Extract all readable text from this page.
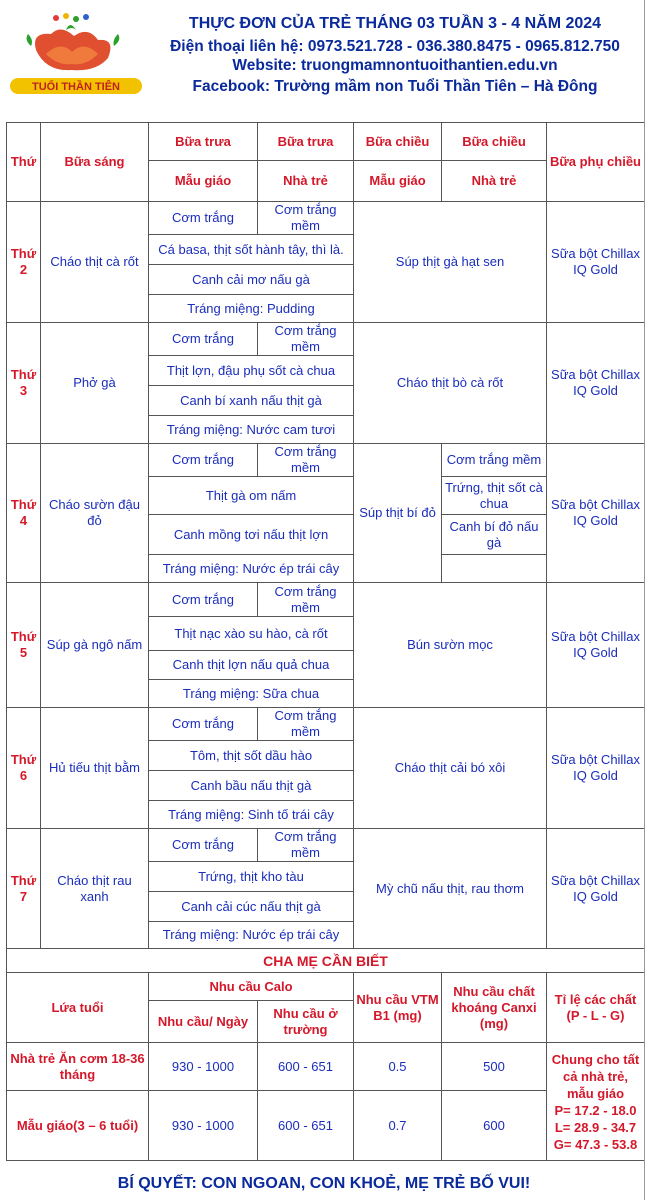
TUỔI THẦN TIÊN
THỰC ĐƠN CỦA TRẺ THÁNG 03 TUẦN 3 - 4 NĂM 2024
Điện thoại liên hệ: 0973.521.728 - 036.380.8475 - 0965.812.750
Website: truongmamnontuoithantien.edu.vn
Facebook: Trường mầm non Tuổi Thần Tiên – Hà Đông
Thứ	Bữa sáng	Bữa trưa	Bữa trưa	Bữa chiều	Bữa chiều	Bữa phụ chiều
		Mẫu giáo	Nhà trẻ	Mẫu giáo	Nhà trẻ	
Thứ 2	Cháo thịt cà rốt	Cơm trắng	Cơm trắng mềm	Súp thịt gà hạt sen		Sữa bột Chillax IQ Gold
		Cá basa, thịt sốt hành tây, thì là.				
		Canh cải mơ nấu gà				
		Tráng miệng: Pudding				
Thứ 3	Phở gà	Cơm trắng	Cơm trắng mềm	Cháo thịt bò cà rốt		Sữa bột Chillax IQ Gold
		Thịt lợn, đậu phụ sốt cà chua				
		Canh bí xanh nấu thịt gà				
		Tráng miệng: Nước cam tươi				
Thứ 4	Cháo sườn đậu đỏ	Cơm trắng	Cơm trắng mềm	Súp thịt bí đỏ	Cơm trắng mềm	Sữa bột Chillax IQ Gold
		Thịt gà om nấm			Trứng, thịt sốt cà chua	

		Canh mồng tơi nấu thịt lợn			Canh bí đỏ nấu gà	
		Tráng miệng: Nước ép trái cây				
Thứ 5	Súp gà ngô nấm	Cơm trắng	Cơm trắng mềm	Bún sườn mọc		Sữa bột Chillax IQ Gold
		Thịt nạc xào su hào, cà rốt				
		Canh thịt lợn nấu quả chua				
		Tráng miệng: Sữa chua				
Thứ 6	Hủ tiếu thịt bằm	Cơm trắng	Cơm trắng mềm	Cháo thịt cải bó xôi		Sữa bột Chillax IQ Gold
		Tôm, thịt sốt dầu hào				
		Canh bầu nấu thịt gà				
		Tráng miệng: Sinh tố trái cây				
Thứ 7	Cháo thịt rau xanh	Cơm trắng	Cơm trắng mềm	Mỳ chũ nấu thịt, rau thơm		Sữa bột Chillax IQ Gold
		Trứng, thịt kho tàu				
		Canh cải cúc nấu thịt gà				
		Tráng miệng: Nước ép trái cây				
CHA MẸ CẦN BIẾT						
Lứa tuổi		Nhu cầu Calo		Nhu cầu VTM B1 (mg)	Nhu cầu chất khoáng Canxi (mg)	Tỉ lệ các chất (P - L - G)
		Nhu cầu/ Ngày	Nhu cầu ở trường			
Nhà trẻ Ăn cơm 18-36 tháng		930 - 1000	600 - 651	0.5	500	Chung cho tất cả nhà trẻ, mẫu giáo
P= 17.2 - 18.0
L= 28.9 - 34.7
G= 47.3 - 53.8

Mẫu giáo(3 – 6 tuổi)		930 - 1000	600 - 651	0.7	600	
BÍ QUYẾT: CON NGOAN, CON KHOẺ, MẸ TRẺ BỐ VUI!
